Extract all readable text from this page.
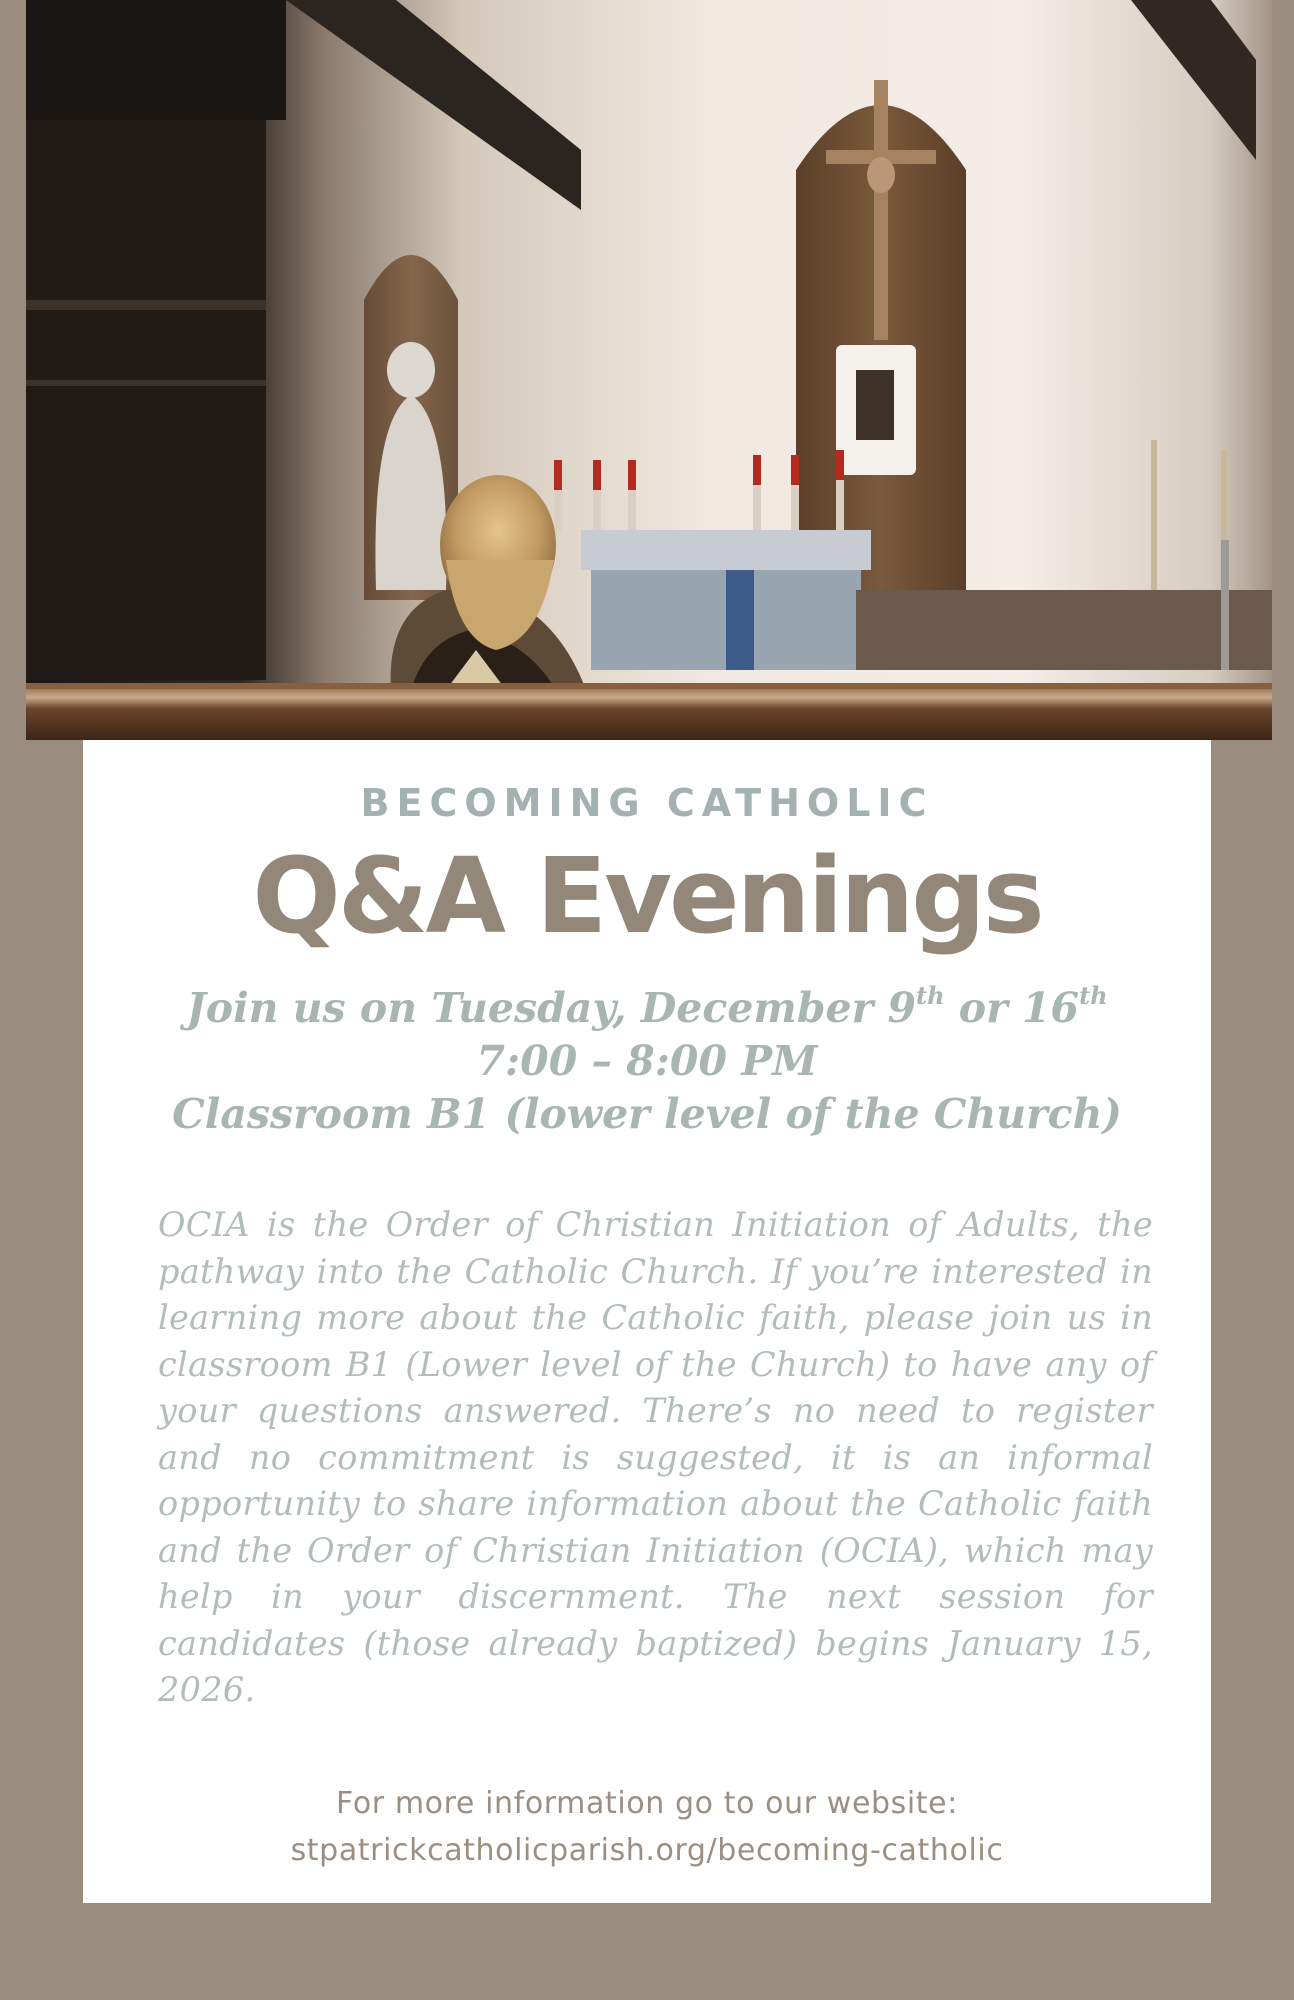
BECOMING CATHOLIC
Q&A Evenings
Join us on Tuesday, December 9th or 16th
7:00 – 8:00 PM
Classroom B1 (lower level of the Church)

OCIA is the Order of Christian Initiation of Adults, the pathway into the Catholic Church. If you’re interested in learning more about the Catholic faith, please join us in classroom B1 (Lower level of the Church) to have any of your questions answered. There’s no need to register and no commitment is suggested, it is an informal opportunity to share information about the Catholic faith and the Order of Christian Initiation (OCIA), which may help in your discernment. The next session for candidates (those already baptized) begins January 15, 2026.

For more information go to our website:
stpatrickcatholicparish.org/becoming-catholic
